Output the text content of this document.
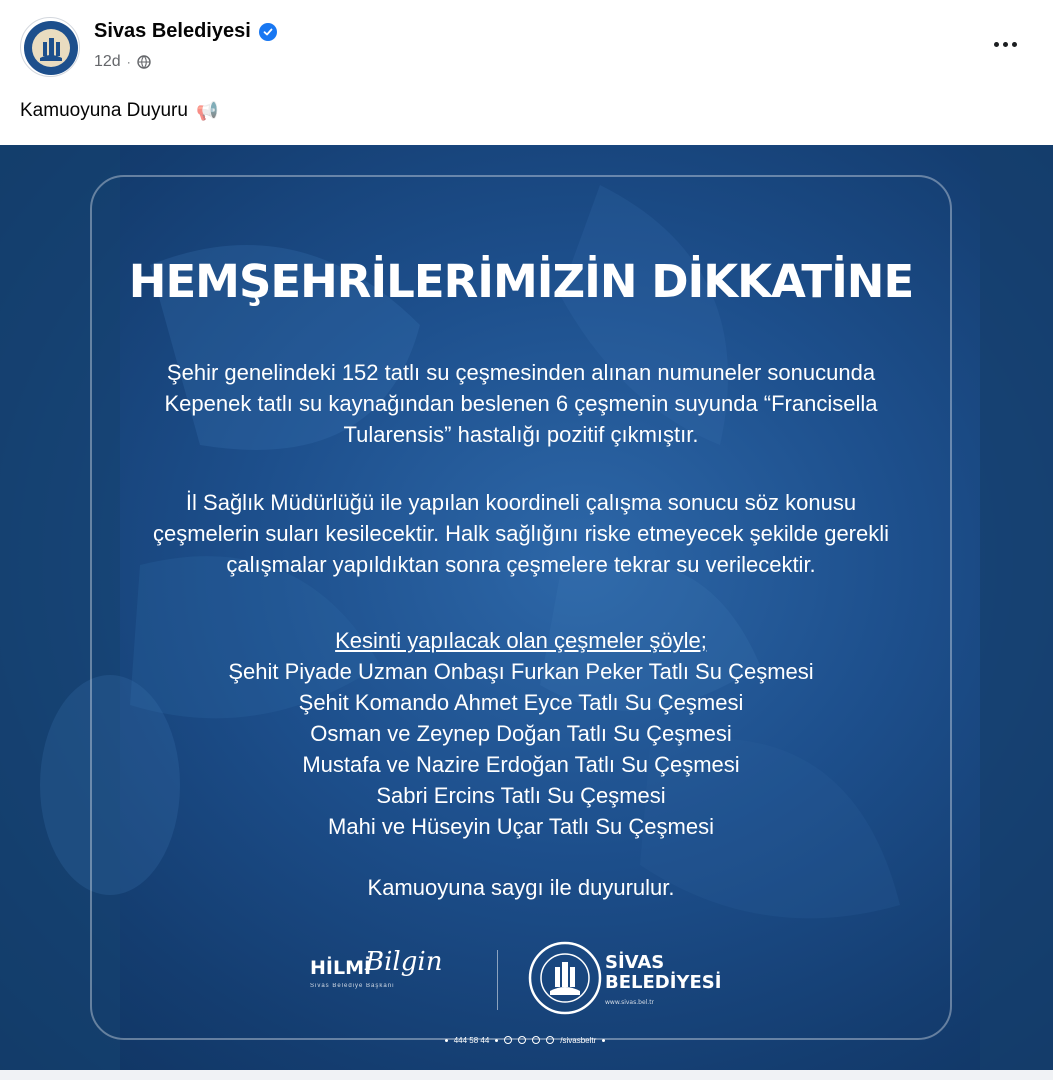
Sivas Belediyesi
12d ·
Kamuoyuna Duyuru 📢
HEMŞEHRİLERİMİZİN DİKKATİNE

Şehir genelindeki 152 tatlı su çeşmesinden alınan numuneler sonucunda

Kepenek tatlı su kaynağından beslenen 6 çeşmenin suyunda “Francisella

Tularensis” hastalığı pozitif çıkmıştır.

İl Sağlık Müdürlüğü ile yapılan koordineli çalışma sonucu söz konusu

çeşmelerin suları kesilecektir. Halk sağlığını riske etmeyecek şekilde gerekli

çalışmalar yapıldıktan sonra çeşmelere tekrar su verilecektir.

Kesinti yapılacak olan çeşmeler şöyle;

Şehit Piyade Uzman Onbaşı Furkan Peker Tatlı Su Çeşmesi

Şehit Komando Ahmet Eyce Tatlı Su Çeşmesi

Osman ve Zeynep Doğan Tatlı Su Çeşmesi

Mustafa ve Nazire Erdoğan Tatlı Su Çeşmesi

Sabri Ercins Tatlı Su Çeşmesi

Mahi ve Hüseyin Uçar Tatlı Su Çeşmesi

Kamuoyuna saygı ile duyurulur.
HİLMİ
Bilgin
Sivas Belediye Başkanı
SİVAS
BELEDİYESİ
www.sivas.bel.tr
444 58 44	/sivasbeltr
